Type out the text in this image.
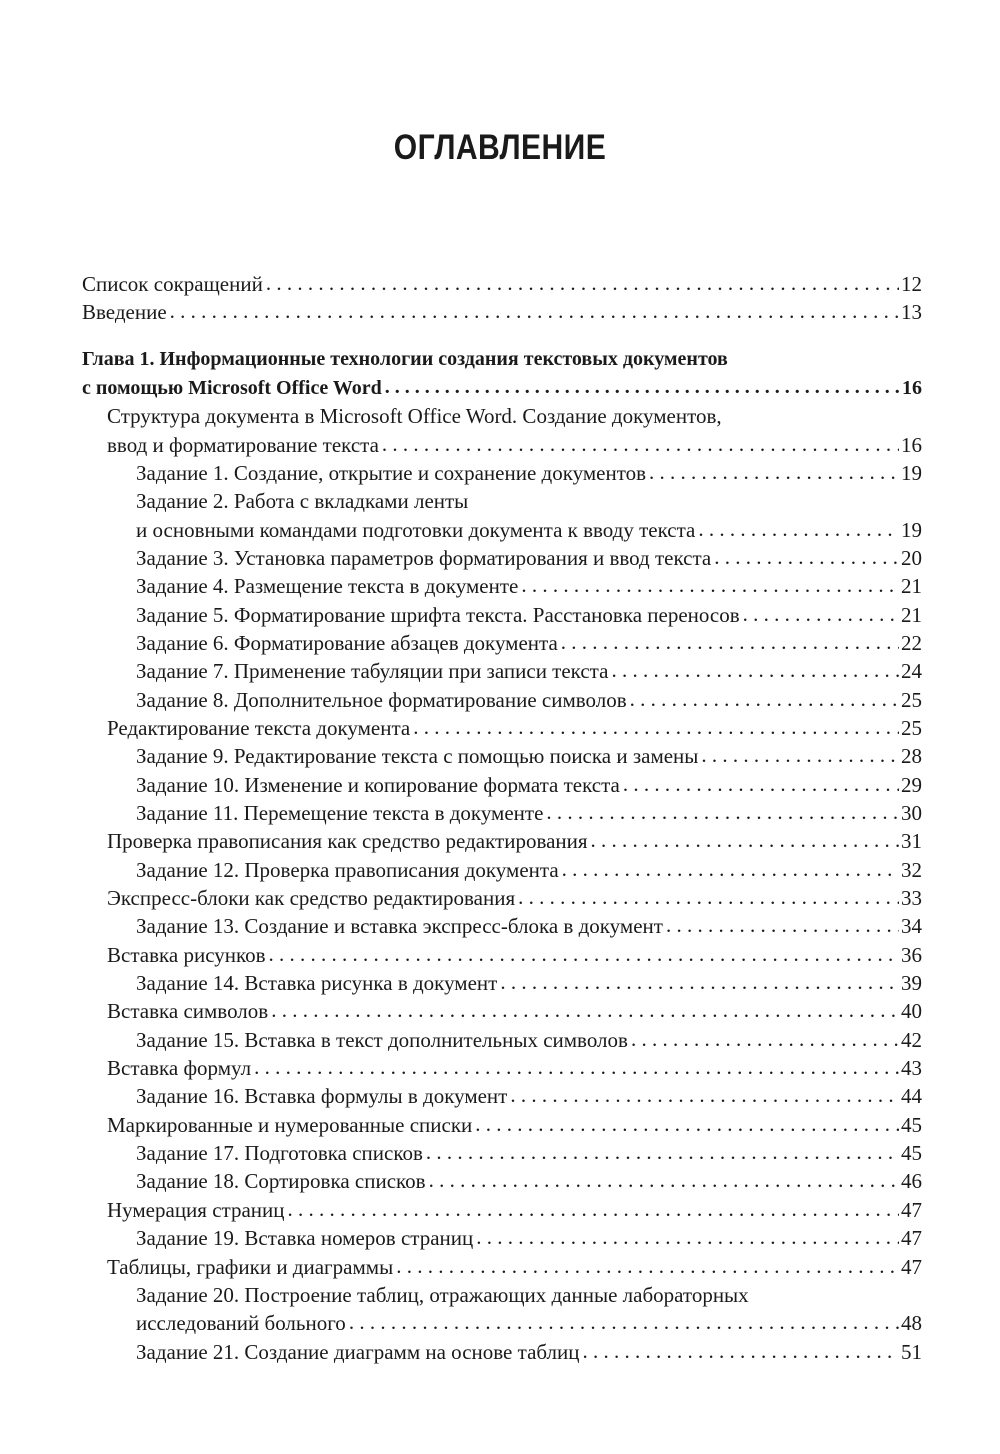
ОГЛАВЛЕНИЕ
Список сокращений . . .	12
Введение . . .	13
Глава 1. Информационные технологии создания текстовых документов
с помощью Microsoft Office Word . . .	16
Структура документа в Microsoft Office Word. Создание документов,
ввод и форматирование текста . . .	16
Задание 1. Создание, открытие и сохранение документов . . .	19
Задание 2. Работа с вкладками ленты
и основными командами подготовки документа к вводу текста . . .	19
Задание 3. Установка параметров форматирования и ввод текста . . .	20
Задание 4. Размещение текста в документе . . .	21
Задание 5. Форматирование шрифта текста. Расстановка переносов . . .	21
Задание 6. Форматирование абзацев документа . . .	22
Задание 7. Применение табуляции при записи текста . . .	24
Задание 8. Дополнительное форматирование символов . . .	25
Редактирование текста документа . . .	25
Задание 9. Редактирование текста с помощью поиска и замены . . .	28
Задание 10. Изменение и копирование формата текста . . .	29
Задание 11. Перемещение текста в документе . . .	30
Проверка правописания как средство редактирования . . .	31
Задание 12. Проверка правописания документа . . .	32
Экспресс-блоки как средство редактирования . . .	33
Задание 13. Создание и вставка экспресс-блока в документ . . .	34
Вставка рисунков . . .	36
Задание 14. Вставка рисунка в документ . . .	39
Вставка символов . . .	40
Задание 15. Вставка в текст дополнительных символов . . .	42
Вставка формул . . .	43
Задание 16. Вставка формулы в документ . . .	44
Маркированные и нумерованные списки . . .	45
Задание 17. Подготовка списков . . .	45
Задание 18. Сортировка списков . . .	46
Нумерация страниц . . .	47
Задание 19. Вставка номеров страниц . . .	47
Таблицы, графики и диаграммы . . .	47
Задание 20. Построение таблиц, отражающих данные лабораторных
исследований больного . . .	48
Задание 21. Создание диаграмм на основе таблиц . . .	51
